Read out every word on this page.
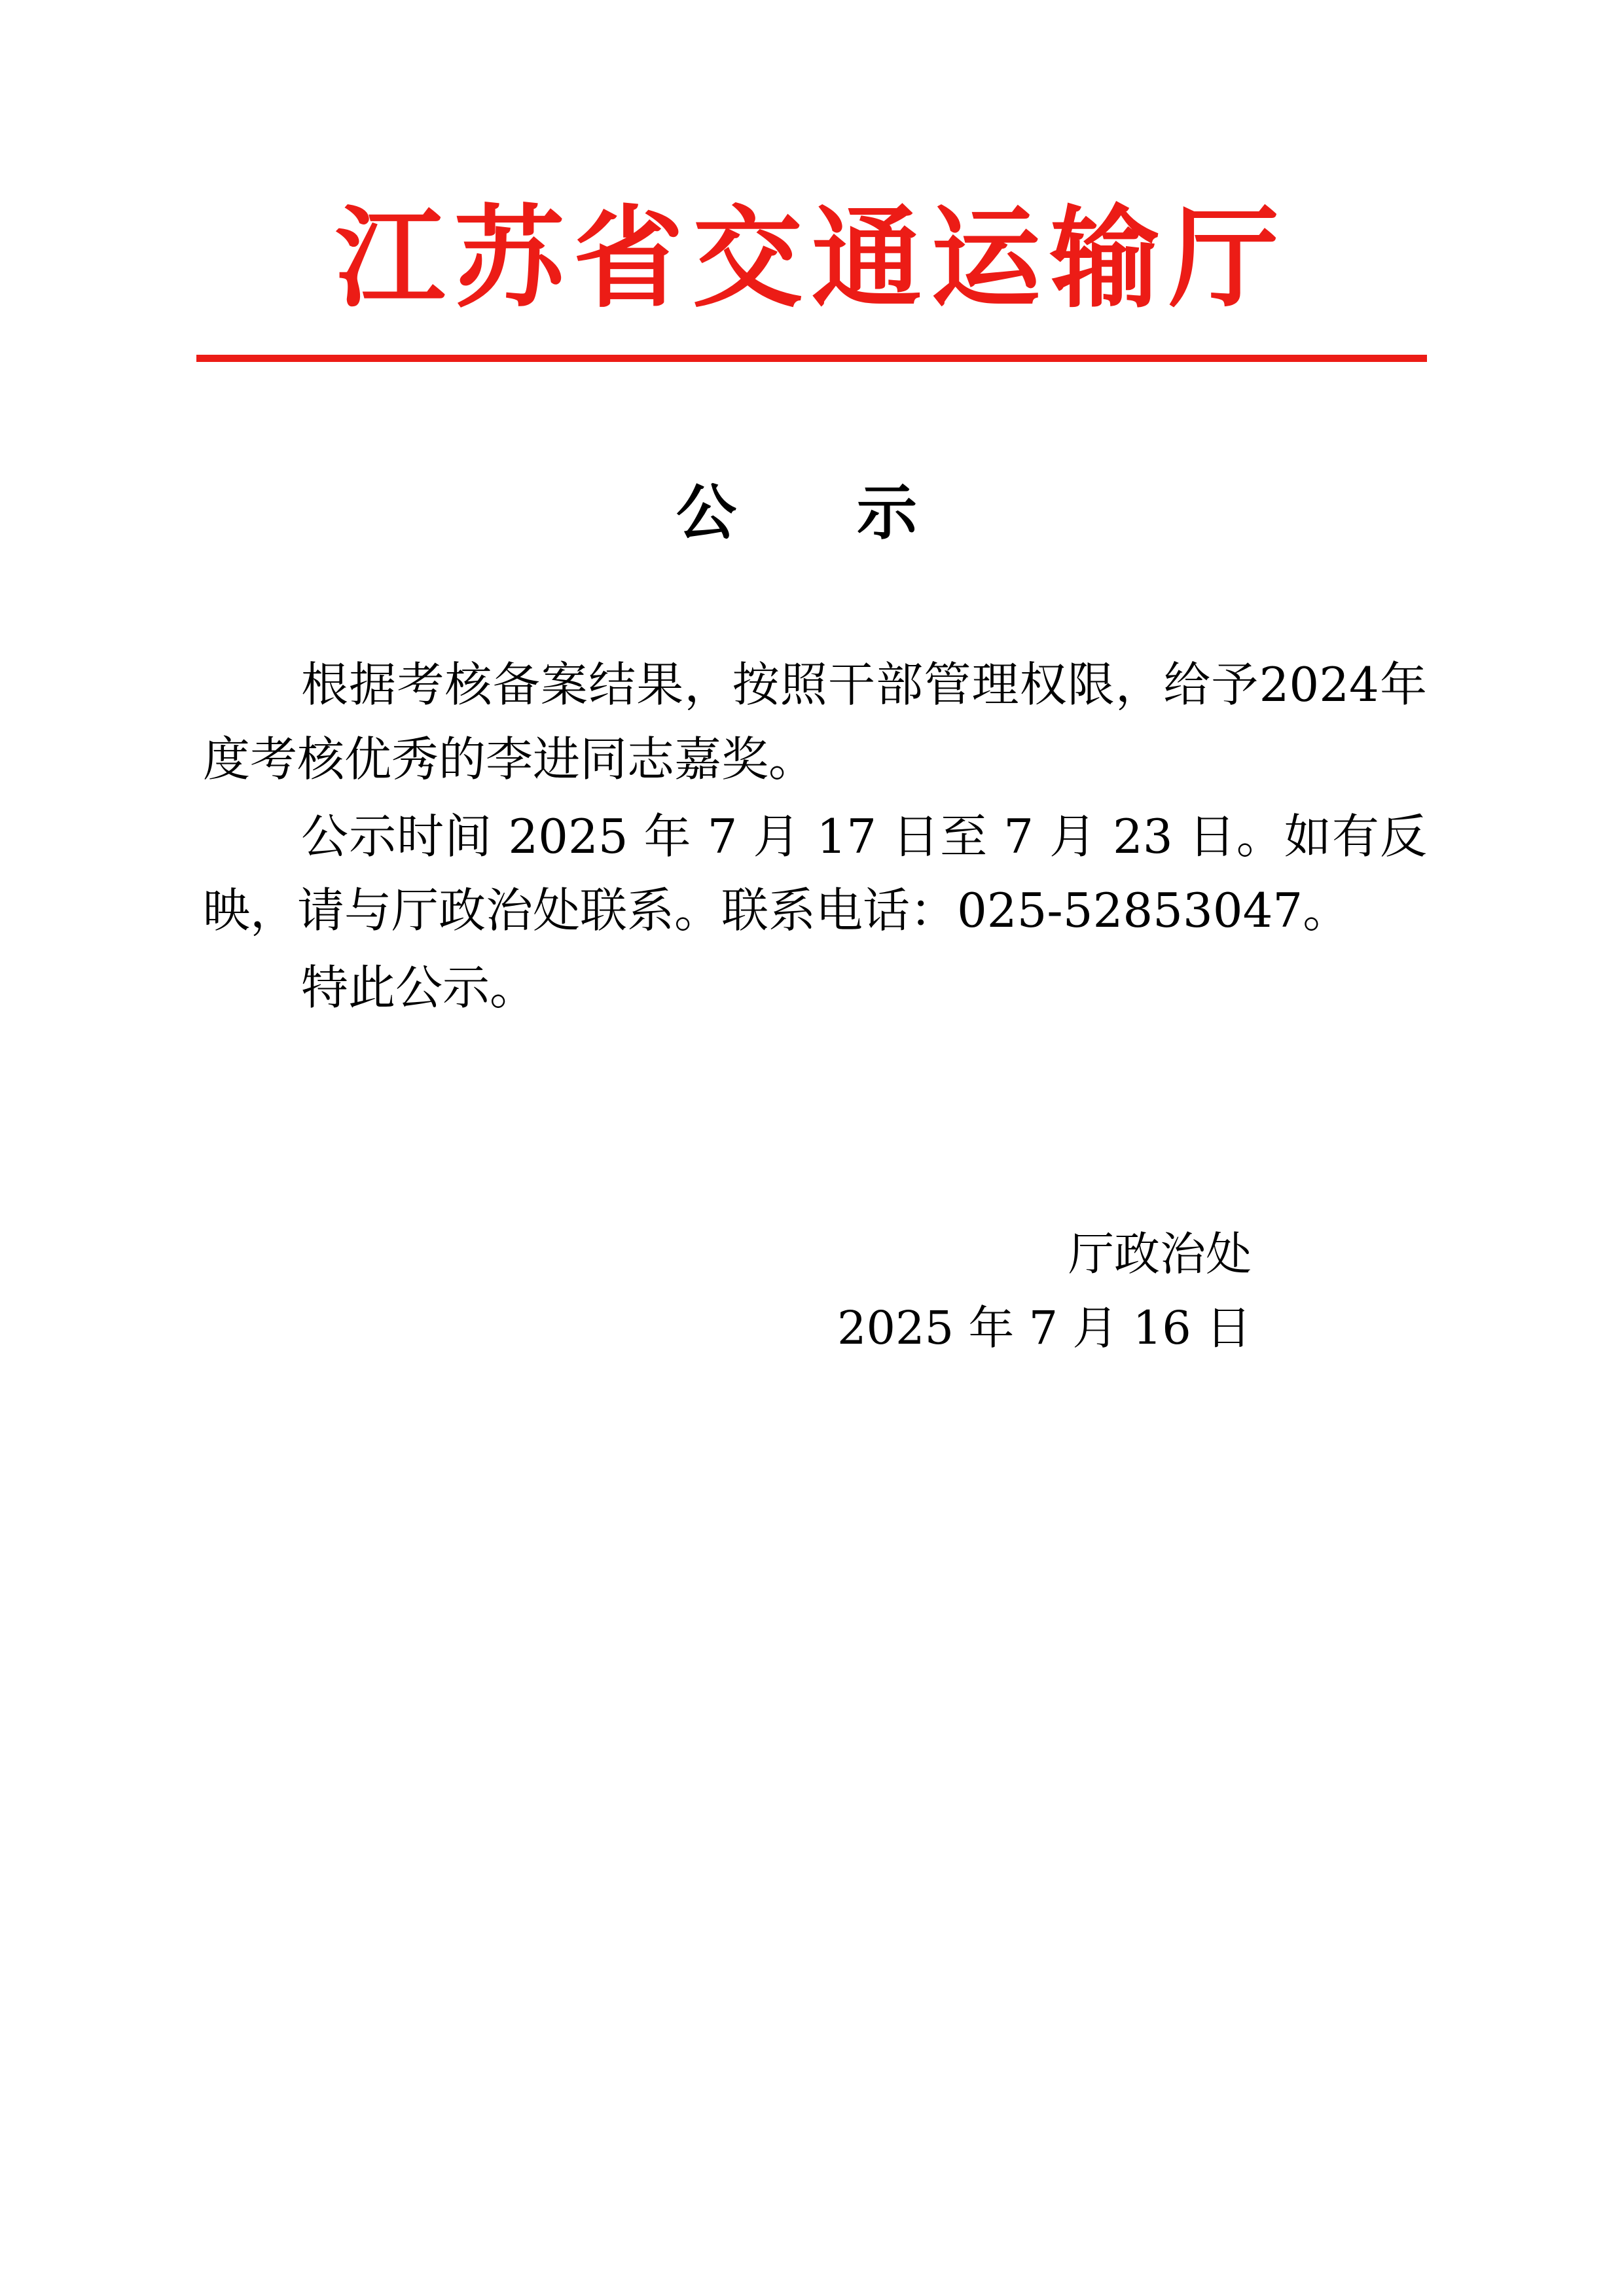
江苏省交通运输厅
公　示

根据考核备案结果，按照干部管理权限，给予2024年度考核优秀的李进同志嘉奖。

公示时间 2025 年 7 月 17 日至 7 月 23 日。如有反映，请与厅政治处联系。联系电话：025-52853047。

特此公示。

厅政治处
2025 年 7 月 16 日
